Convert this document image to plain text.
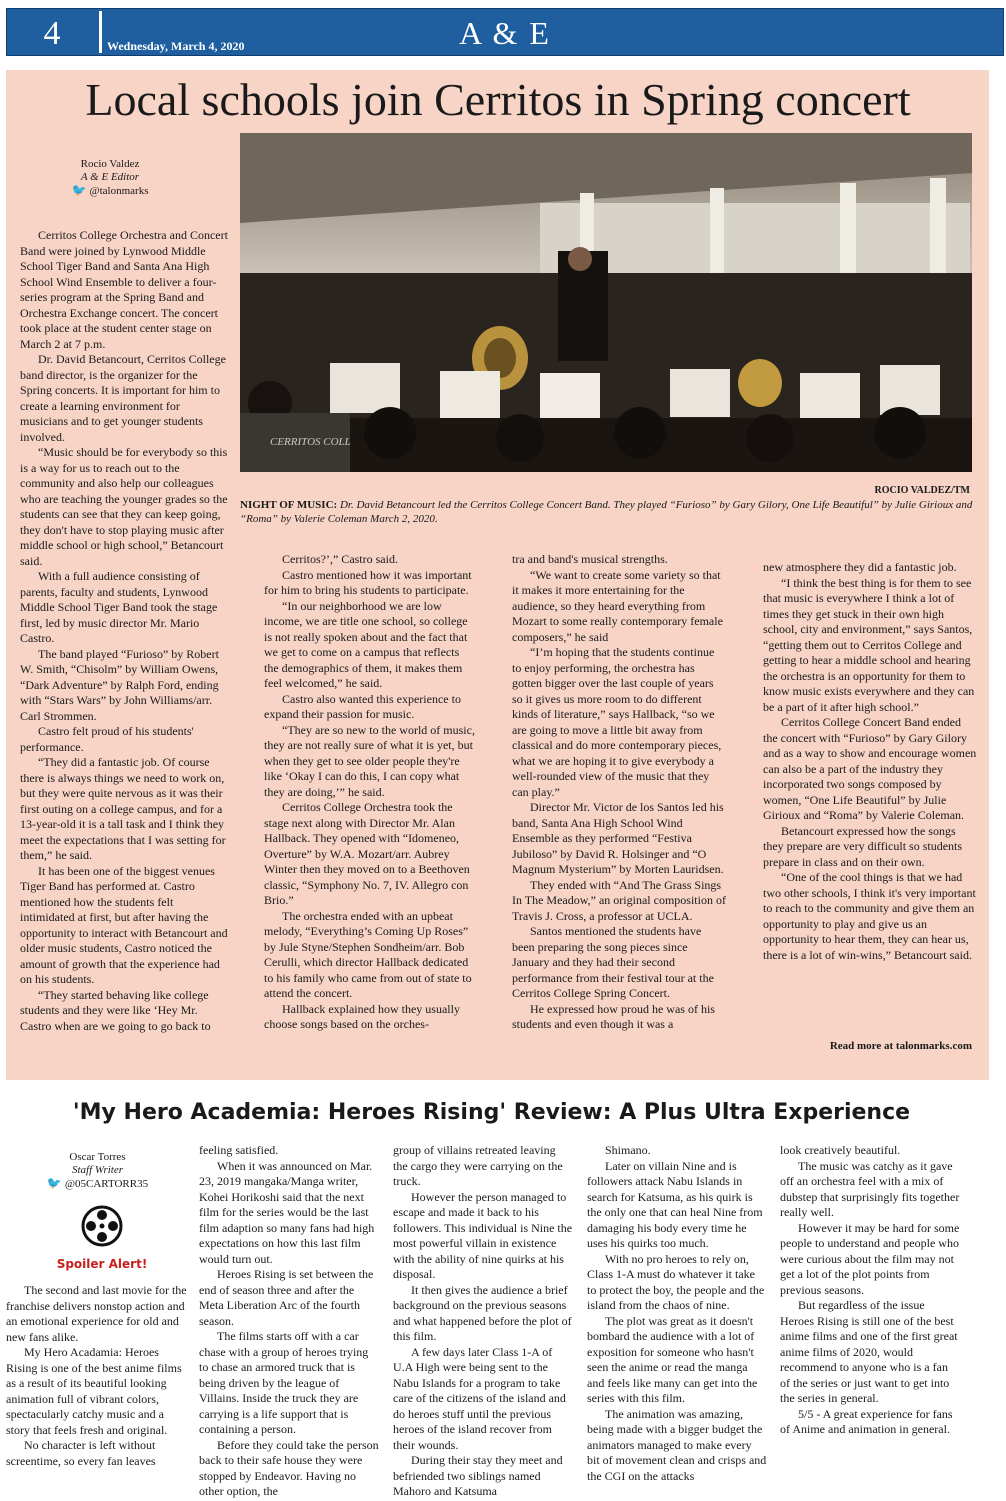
4	Wednesday, March 4, 2020	A & E
Local schools join Cerritos in Spring concert
Rocio Valdez
A & E Editor
🐦 @talonmarks
CERRITOS COLL
ROCIO VALDEZ/TM
NIGHT OF MUSIC: Dr. David Betancourt led the Cerritos College Concert Band. They played “Furioso” by Gary Gilory, One Life Beautiful” by Julie Girioux and “Roma” by Valerie Coleman March 2, 2020.

Cerritos College Orchestra and Concert Band were joined by Lynwood Middle School Tiger Band and Santa Ana High School Wind Ensemble to deliver a four-series program at the Spring Band and Orchestra Exchange concert. The concert took place at the student center stage on March 2 at 7 p.m.

Dr. David Betancourt, Cerritos College band director, is the organizer for the Spring concerts. It is important for him to create a learning environment for musicians and to get younger students involved.

“Music should be for everybody so this is a way for us to reach out to the community and also help our colleagues who are teaching the younger grades so the students can see that they can keep going, they don't have to stop playing music after middle school or high school,” Betancourt said.

With a full audience consisting of parents, faculty and students, Lynwood Middle School Tiger Band took the stage first, led by music director Mr. Mario Castro.

The band played “Furioso” by Robert W. Smith, “Chisolm” by William Owens, “Dark Adventure” by Ralph Ford, ending with “Stars Wars” by John Williams/arr. Carl Strommen.

Castro felt proud of his students' performance.

“They did a fantastic job. Of course there is always things we need to work on, but they were quite nervous as it was their first outing on a college campus, and for a 13-year-old it is a tall task and I think they meet the expectations that I was setting for them,” he said.

It has been one of the biggest venues Tiger Band has performed at. Castro mentioned how the students felt intimidated at first, but after having the opportunity to interact with Betancourt and older music students, Castro noticed the amount of growth that the experience had on his students.

“They started behaving like college students and they were like ‘Hey Mr. Castro when are we going to go back to

Cerritos?’,” Castro said.

Castro mentioned how it was important for him to bring his students to participate.

“In our neighborhood we are low income, we are title one school, so college is not really spoken about and the fact that we get to come on a campus that reflects the demographics of them, it makes them feel welcomed,” he said.

Castro also wanted this experience to expand their passion for music.

“They are so new to the world of music, they are not really sure of what it is yet, but when they get to see older people they're like ‘Okay I can do this, I can copy what they are doing,’” he said.

Cerritos College Orchestra took the stage next along with Director Mr. Alan Hallback. They opened with “Idomeneo, Overture” by W.A. Mozart/arr. Aubrey Winter then they moved on to a Beethoven classic, “Symphony No. 7, IV. Allegro con Brio.”

The orchestra ended with an upbeat melody, “Everything’s Coming Up Roses” by Jule Styne/Stephen Sondheim/arr. Bob Cerulli, which director Hallback dedicated to his family who came from out of state to attend the concert.

Hallback explained how they usually choose songs based on the orches-

tra and band's musical strengths.

“We want to create some variety so that it makes it more entertaining for the audience, so they heard everything from Mozart to some really contemporary female composers,” he said

“I’m hoping that the students continue to enjoy performing, the orchestra has gotten bigger over the last couple of years so it gives us more room to do different kinds of literature,” says Hallback, “so we are going to move a little bit away from classical and do more contemporary pieces, what we are hoping it to give everybody a well-rounded view of the music that they can play.”

Director Mr. Victor de los Santos led his band, Santa Ana High School Wind Ensemble as they performed “Festiva Jubiloso” by David R. Holsinger and “O Magnum Mysterium” by Morten Lauridsen.

They ended with “And The Grass Sings In The Meadow,” an original composition of Travis J. Cross, a professor at UCLA.

Santos mentioned the students have been preparing the song pieces since January and they had their second performance from their festival tour at the Cerritos College Spring Concert.

He expressed how proud he was of his students and even though it was a

new atmosphere they did a fantastic job.

“I think the best thing is for them to see that music is everywhere I think a lot of times they get stuck in their own high school, city and environment,” says Santos, “getting them out to Cerritos College and getting to hear a middle school and hearing the orchestra is an opportunity for them to know music exists everywhere and they can be a part of it after high school.”

Cerritos College Concert Band ended the concert with “Furioso” by Gary Gilory and as a way to show and encourage women can also be a part of the industry they incorporated two songs composed by women, “One Life Beautiful” by Julie Girioux and “Roma” by Valerie Coleman.

Betancourt expressed how the songs they prepare are very difficult so students prepare in class and on their own.

“One of the cool things is that we had two other schools, I think it's very important to reach to the community and give them an opportunity to play and give us an opportunity to hear them, they can hear us, there is a lot of win-wins,” Betancourt said.

Read more at talonmarks.com
'My Hero Academia: Heroes Rising' Review: A Plus Ultra Experience
Oscar Torres
Staff Writer
🐦 @05CARTORR35
Spoiler Alert!

The second and last movie for the franchise delivers nonstop action and an emotional experience for old and new fans alike.

My Hero Acadamia: Heroes Rising is one of the best anime films as a result of its beautiful looking animation full of vibrant colors, spectacularly catchy music and a story that feels fresh and original.

No character is left without screentime, so every fan leaves

feeling satisfied.

When it was announced on Mar. 23, 2019 mangaka/Manga writer, Kohei Horikoshi said that the next film for the series would be the last film adaption so many fans had high expectations on how this last film would turn out.

Heroes Rising is set between the end of season three and after the Meta Liberation Arc of the fourth season.

The films starts off with a car chase with a group of heroes trying to chase an armored truck that is being driven by the league of Villains. Inside the truck they are carrying is a life support that is containing a person.

Before they could take the person back to their safe house they were stopped by Endeavor. Having no other option, the

group of villains retreated leaving the cargo they were carrying on the truck.

However the person managed to escape and made it back to his followers. This individual is Nine the most powerful villain in existence with the ability of nine quirks at his disposal.

It then gives the audience a brief background on the previous seasons and what happened before the plot of this film.

A few days later Class 1-A of U.A High were being sent to the Nabu Islands for a program to take care of the citizens of the island and do heroes stuff until the previous heroes of the island recover from their wounds.

During their stay they meet and befriended two siblings named Mahoro and Katsuma

Shimano.

Later on villain Nine and is followers attack Nabu Islands in search for Katsuma, as his quirk is the only one that can heal Nine from damaging his body every time he uses his quirks too much.

With no pro heroes to rely on, Class 1-A must do whatever it take to protect the boy, the people and the island from the chaos of nine.

The plot was great as it doesn't bombard the audience with a lot of exposition for someone who hasn't seen the anime or read the manga and feels like many can get into the series with this film.

The animation was amazing, being made with a bigger budget the animators managed to make every bit of movement clean and crisps and the CGI on the attacks

look creatively beautiful.

The music was catchy as it gave off an orchestra feel with a mix of dubstep that surprisingly fits together really well.

However it may be hard for some people to understand and people who were curious about the film may not get a lot of the plot points from previous seasons.

But regardless of the issue Heroes Rising is still one of the best anime films and one of the first great anime films of 2020, would recommend to anyone who is a fan of the series or just want to get into the series in general.

5/5 - A great experience for fans of Anime and animation in general.
